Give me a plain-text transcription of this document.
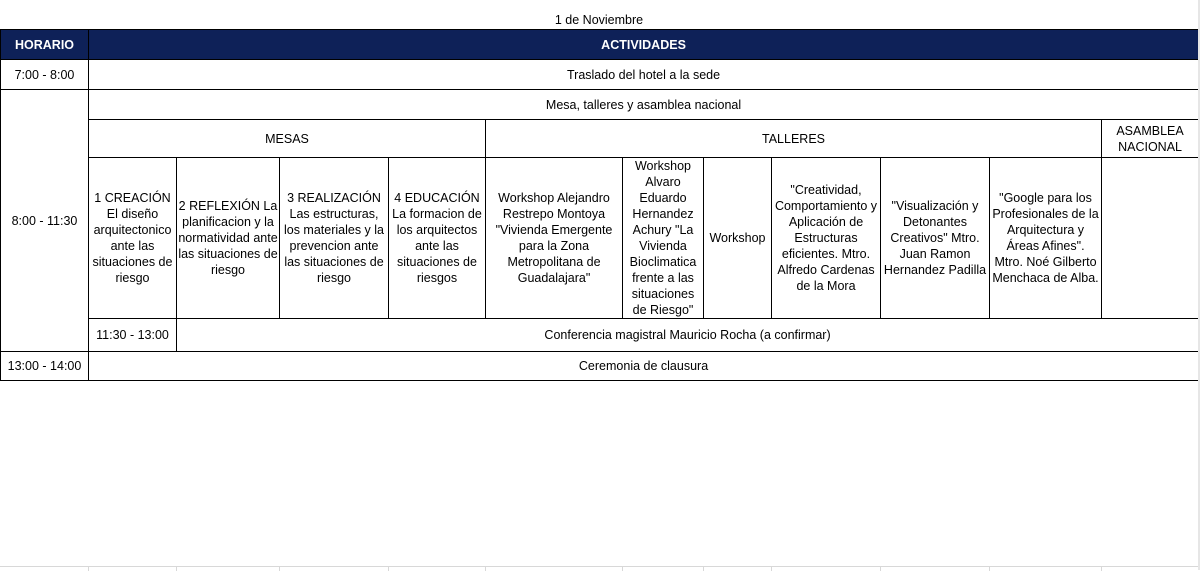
1 de Noviembre
HORARIO	ACTIVIDADES										
7:00 - 8:00	Traslado del hotel a la sede										
8:00 - 11:30	Mesa, talleres y asamblea nacional										
	MESAS				TALLERES						ASAMBLEA NACIONAL
	1 CREACIÓN El diseño arquitectonico ante las situaciones de riesgo	2 REFLEXIÓN La planificacion y la normatividad ante las situaciones de riesgo	3 REALIZACIÓN Las estructuras, los materiales y la prevencion ante las situaciones de riesgo	4 EDUCACIÓN La formacion de los arquitectos ante las situaciones de riesgos	Workshop Alejandro Restrepo Montoya "Vivienda Emergente para la Zona Metropolitana de Guadalajara"	Workshop Alvaro Eduardo Hernandez Achury "La Vivienda Bioclimatica frente a las situaciones de Riesgo"	Workshop	"Creatividad, Comportamiento y Aplicación de Estructuras eficientes. Mtro. Alfredo Cardenas de la Mora	"Visualización y Detonantes Creativos" Mtro. Juan Ramon Hernandez Padilla	"Google para los Profesionales de la Arquitectura y Áreas Afines". Mtro. Noé Gilberto Menchaca de Alba.	
	11:30 - 13:00	Conferencia magistral Mauricio Rocha (a confirmar)									
13:00 - 14:00	Ceremonia de clausura										
